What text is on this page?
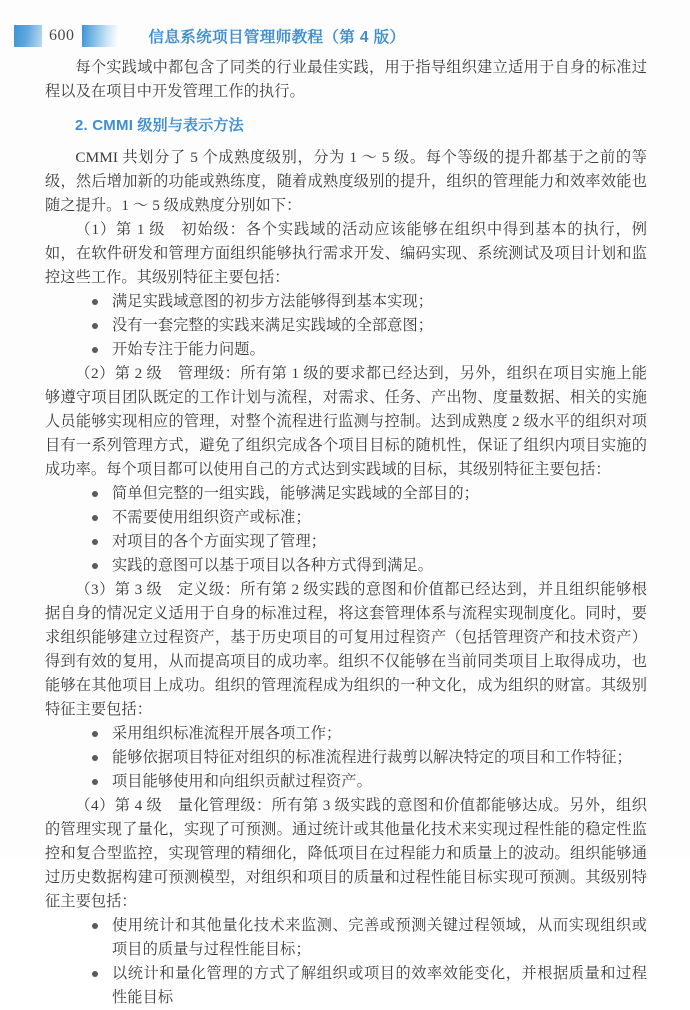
600	信息系统项目管理师教程（第 4 版）

每个实践域中都包含了同类的行业最佳实践，用于指导组织建立适用于自身的标准过程以及在项目中开发管理工作的执行。

2. CMMI 级别与表示方法

CMMI 共划分了 5 个成熟度级别，分为 1 ～ 5 级。每个等级的提升都基于之前的等级，然后增加新的功能或熟练度，随着成熟度级别的提升，组织的管理能力和效率效能也随之提升。1 ～ 5 级成熟度分别如下：

（1）第 1 级　初始级：各个实践域的活动应该能够在组织中得到基本的执行，例如，在软件研发和管理方面组织能够执行需求开发、编码实现、系统测试及项目计划和监控这些工作。其级别特征主要包括：

满足实践域意图的初步方法能够得到基本实现；
没有一套完整的实践来满足实践域的全部意图；
开始专注于能力问题。

（2）第 2 级　管理级：所有第 1 级的要求都已经达到，另外，组织在项目实施上能够遵守项目团队既定的工作计划与流程，对需求、任务、产出物、度量数据、相关的实施人员能够实现相应的管理，对整个流程进行监测与控制。达到成熟度 2 级水平的组织对项目有一系列管理方式，避免了组织完成各个项目目标的随机性，保证了组织内项目实施的成功率。每个项目都可以使用自己的方式达到实践域的目标，其级别特征主要包括：

简单但完整的一组实践，能够满足实践域的全部目的；
不需要使用组织资产或标准；
对项目的各个方面实现了管理；
实践的意图可以基于项目以各种方式得到满足。

（3）第 3 级　定义级：所有第 2 级实践的意图和价值都已经达到，并且组织能够根据自身的情况定义适用于自身的标准过程，将这套管理体系与流程实现制度化。同时，要求组织能够建立过程资产，基于历史项目的可复用过程资产（包括管理资产和技术资产）得到有效的复用，从而提高项目的成功率。组织不仅能够在当前同类项目上取得成功，也能够在其他项目上成功。组织的管理流程成为组织的一种文化，成为组织的财富。其级别特征主要包括：

采用组织标准流程开展各项工作；
能够依据项目特征对组织的标准流程进行裁剪以解决特定的项目和工作特征；
项目能够使用和向组织贡献过程资产。

（4）第 4 级　量化管理级：所有第 3 级实践的意图和价值都能够达成。另外，组织的管理实现了量化，实现了可预测。通过统计或其他量化技术来实现过程性能的稳定性监控和复合型监控，实现管理的精细化，降低项目在过程能力和质量上的波动。组织能够通过历史数据构建可预测模型，对组织和项目的质量和过程性能目标实现可预测。其级别特征主要包括：

使用统计和其他量化技术来监测、完善或预测关键过程领域，从而实现组织或项目的质量与过程性能目标；
以统计和量化管理的方式了解组织或项目的效率效能变化，并根据质量和过程性能目标
